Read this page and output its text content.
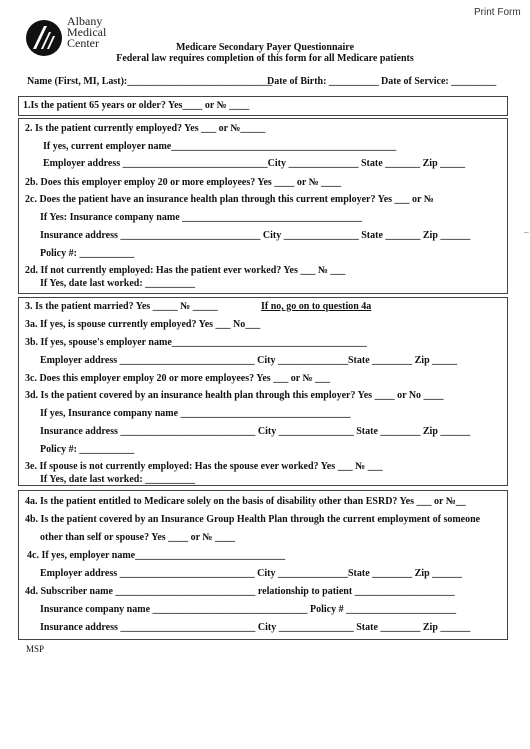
Print Form
Albany
Medical
Center	Medicare Secondary Payer Questionnaire
Federal law requires completion of this form for all Medicare patients
Name (First, MI, Last):_____________________________
Date of Birth: __________ Date of Service: _________
1.Is the patient 65 years or older? Yes____ or № ____
2. Is the patient currently employed? Yes ___ or №_____
If yes, current employer name_____________________________________________
Employer address _____________________________City ______________ State _______ Zip _____
2b. Does this employer employ 20 or more employees? Yes ____ or № ____
2c. Does the patient have an insurance health plan through this current employer? Yes ___ or №
If Yes: Insurance company name ____________________________________
Insurance address ____________________________ City _______________ State _______ Zip ______
Policy #: ___________
2d. If not currently employed: Has the patient ever worked? Yes ___ № ___
If Yes, date last worked: __________
3. Is the patient married? Yes _____ № _____	If no, go on to question 4a
3a. If yes, is spouse currently employed? Yes ___ No___
3b. If yes, spouse's employer name_______________________________________
Employer address ___________________________ City ______________State ________ Zip _____
3c. Does this employer employ 20 or more employees? Yes ___ or № ___
3d. Is the patient covered by an insurance health plan through this employer? Yes ____ or No ____
If yes, Insurance company name __________________________________
Insurance address ___________________________ City _______________ State ________ Zip ______
Policy #: ___________
3e. If spouse is not currently employed: Has the spouse ever worked? Yes ___ № ___
If Yes, date last worked: __________
4a. Is the patient entitled to Medicare solely on the basis of disability other than ESRD? Yes ___ or №__
4b. Is the patient covered by an Insurance Group Health Plan through the current employment of someone
other than self or spouse? Yes ____ or № ____
4c. If yes, employer name______________________________
Employer address ___________________________ City ______________State ________ Zip ______
4d. Subscriber name ____________________________ relationship to patient ____________________
Insurance company name _______________________________ Policy # ______________________
Insurance address ___________________________ City _______________ State ________ Zip ______
MSP
_
